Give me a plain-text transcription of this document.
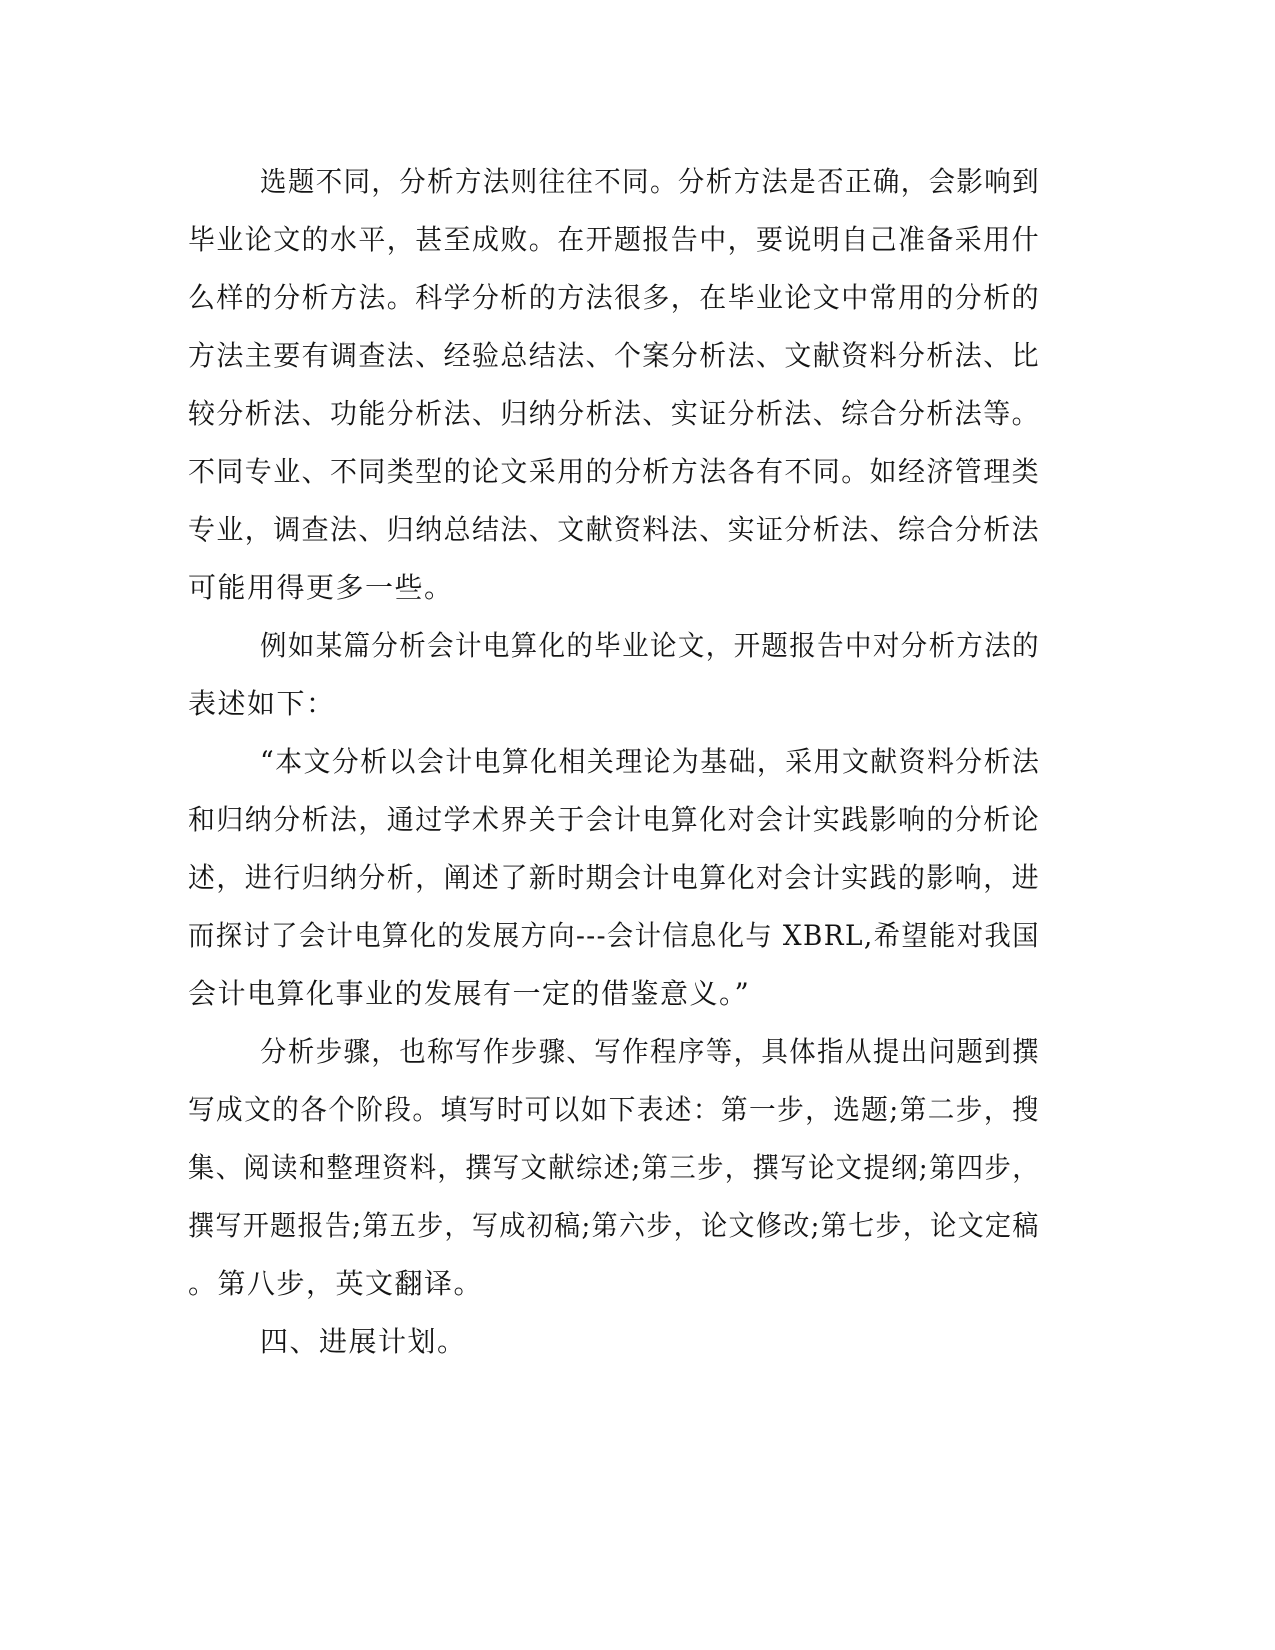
选题不同，分析方法则往往不同。分析方法是否正确，会影响到

毕业论文的水平，甚至成败。在开题报告中，要说明自己准备采用什

么样的分析方法。科学分析的方法很多，在毕业论文中常用的分析的

方法主要有调查法、经验总结法、个案分析法、文献资料分析法、比

较分析法、功能分析法、归纳分析法、实证分析法、综合分析法等。

不同专业、不同类型的论文采用的分析方法各有不同。如经济管理类

专业，调查法、归纳总结法、文献资料法、实证分析法、综合分析法

可能用得更多一些。

例如某篇分析会计电算化的毕业论文，开题报告中对分析方法的

表述如下：

“本文分析以会计电算化相关理论为基础，采用文献资料分析法

和归纳分析法，通过学术界关于会计电算化对会计实践影响的分析论

述，进行归纳分析，阐述了新时期会计电算化对会计实践的影响，进

而探讨了会计电算化的发展方向---会计信息化与 XBRL,希望能对我国

会计电算化事业的发展有一定的借鉴意义。”

分析步骤，也称写作步骤、写作程序等，具体指从提出问题到撰

写成文的各个阶段。填写时可以如下表述：第一步，选题;第二步，搜

集、阅读和整理资料，撰写文献综述;第三步，撰写论文提纲;第四步，

撰写开题报告;第五步，写成初稿;第六步，论文修改;第七步，论文定稿

。第八步，英文翻译。

四、进展计划。
